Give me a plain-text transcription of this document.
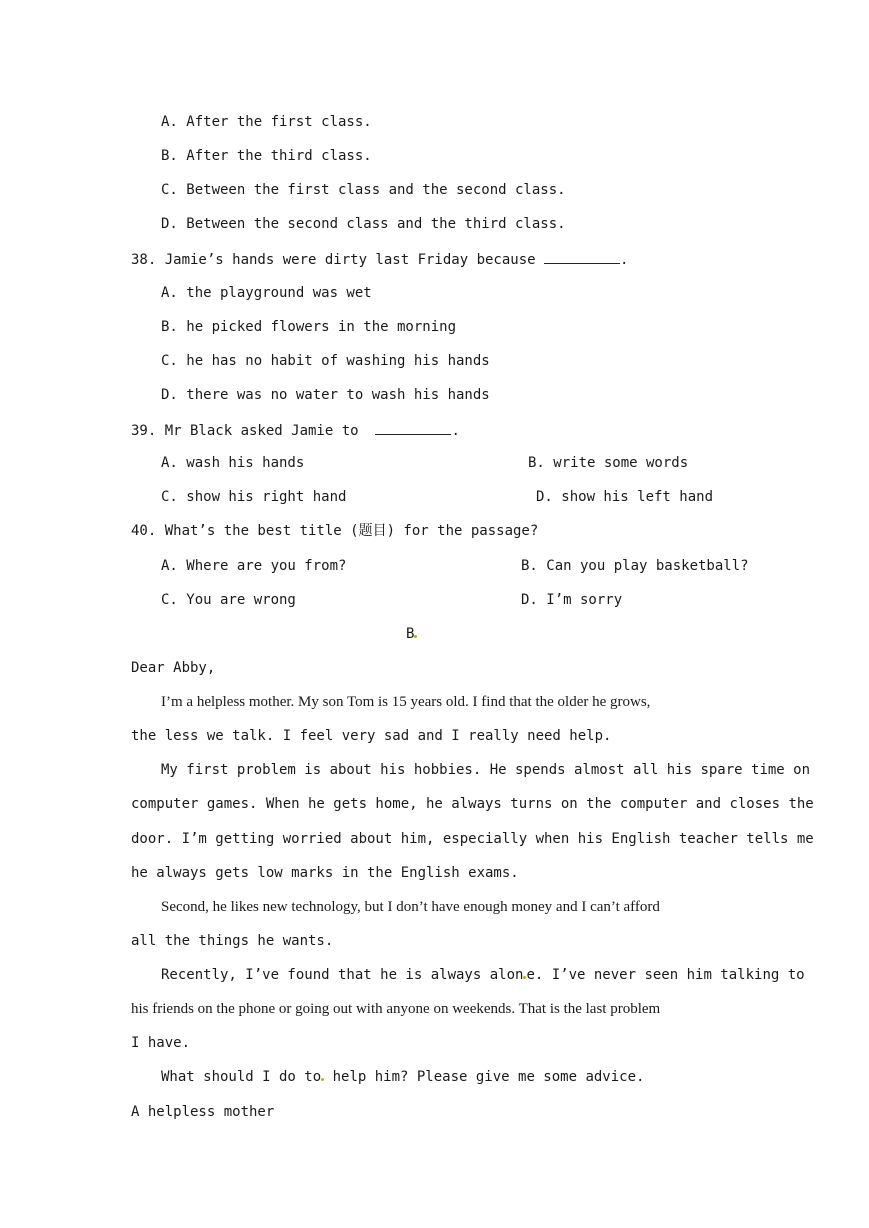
A. After the first class.
B. After the third class.
C. Between the first class and the second class.
D. Between the second class and the third class.
38. Jamie’s hands were dirty last Friday because	.
A. the playground was wet
B. he picked flowers in the morning
C. he has no habit of washing his hands
D. there was no water to wash his hands
39. Mr Black asked Jamie to	.
A. wash his hands	B. write some words
C. show his right hand	D. show his left hand
40. What’s the best title (题目) for the passage?
A. Where are you from?	B. Can you play basketball?
C. You are wrong	D. I’m sorry
B
Dear Abby,
I’m a helpless mother. My son Tom is 15 years old. I find that the older he grows,
the less we talk. I feel very sad and I really need help.
My first problem is about his hobbies. He spends almost all his spare time on
computer games. When he gets home, he always turns on the computer and closes the
door. I’m getting worried about him, especially when his English teacher tells me
he always gets low marks in the English exams.
Second, he likes new technology, but I don’t have enough money and I can’t afford
all the things he wants.
Recently, I’ve found that he is always alon e. I’ve never seen him talking to
his friends on the phone or going out with anyone on weekends. That is the last problem
I have.
What should I do to help him? Please give me some advice.
A helpless mother
